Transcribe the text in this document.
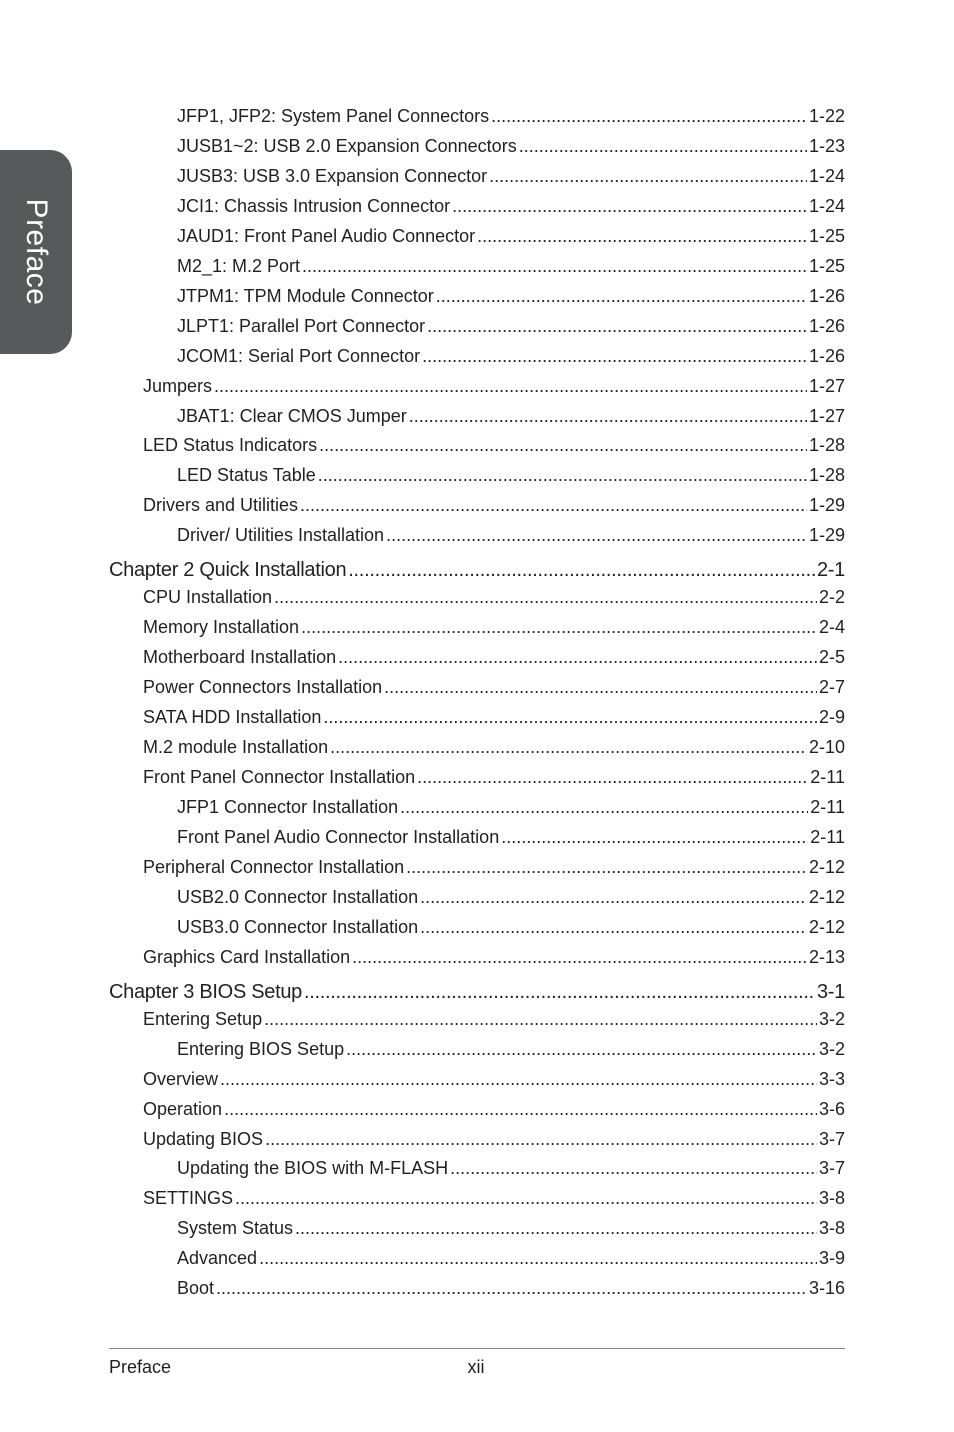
Preface
JFP1, JFP2: System Panel Connectors .....	1-22
JUSB1~2: USB 2.0 Expansion Connectors .....	1-23
JUSB3: USB 3.0 Expansion Connector .....	1-24
JCI1: Chassis Intrusion Connector .....	1-24
JAUD1: Front Panel Audio Connector .....	1-25
M2_1: M.2 Port .....	1-25
JTPM1: TPM Module Connector .....	1-26
JLPT1: Parallel Port Connector .....	1-26
JCOM1: Serial Port Connector .....	1-26
Jumpers .....	1-27
JBAT1: Clear CMOS Jumper .....	1-27
LED Status Indicators .....	1-28
LED Status Table .....	1-28
Drivers and Utilities .....	1-29
Driver/ Utilities Installation .....	1-29
Chapter 2 Quick Installation .....	2-1
CPU Installation .....	2-2
Memory Installation .....	2-4
Motherboard Installation .....	2-5
Power Connectors Installation .....	2-7
SATA HDD Installation .....	2-9
M.2 module Installation .....	2-10
Front Panel Connector Installation .....	2-11
JFP1 Connector Installation .....	2-11
Front Panel Audio Connector Installation .....	2-11
Peripheral Connector Installation .....	2-12
USB2.0 Connector Installation .....	2-12
USB3.0 Connector Installation .....	2-12
Graphics Card Installation .....	2-13
Chapter 3 BIOS Setup .....	3-1
Entering Setup .....	3-2
Entering BIOS Setup .....	3-2
Overview .....	3-3
Operation .....	3-6
Updating BIOS .....	3-7
Updating the BIOS with M-FLASH .....	3-7
SETTINGS .....	3-8
System Status .....	3-8
Advanced .....	3-9
Boot .....	3-16
Preface	xii
